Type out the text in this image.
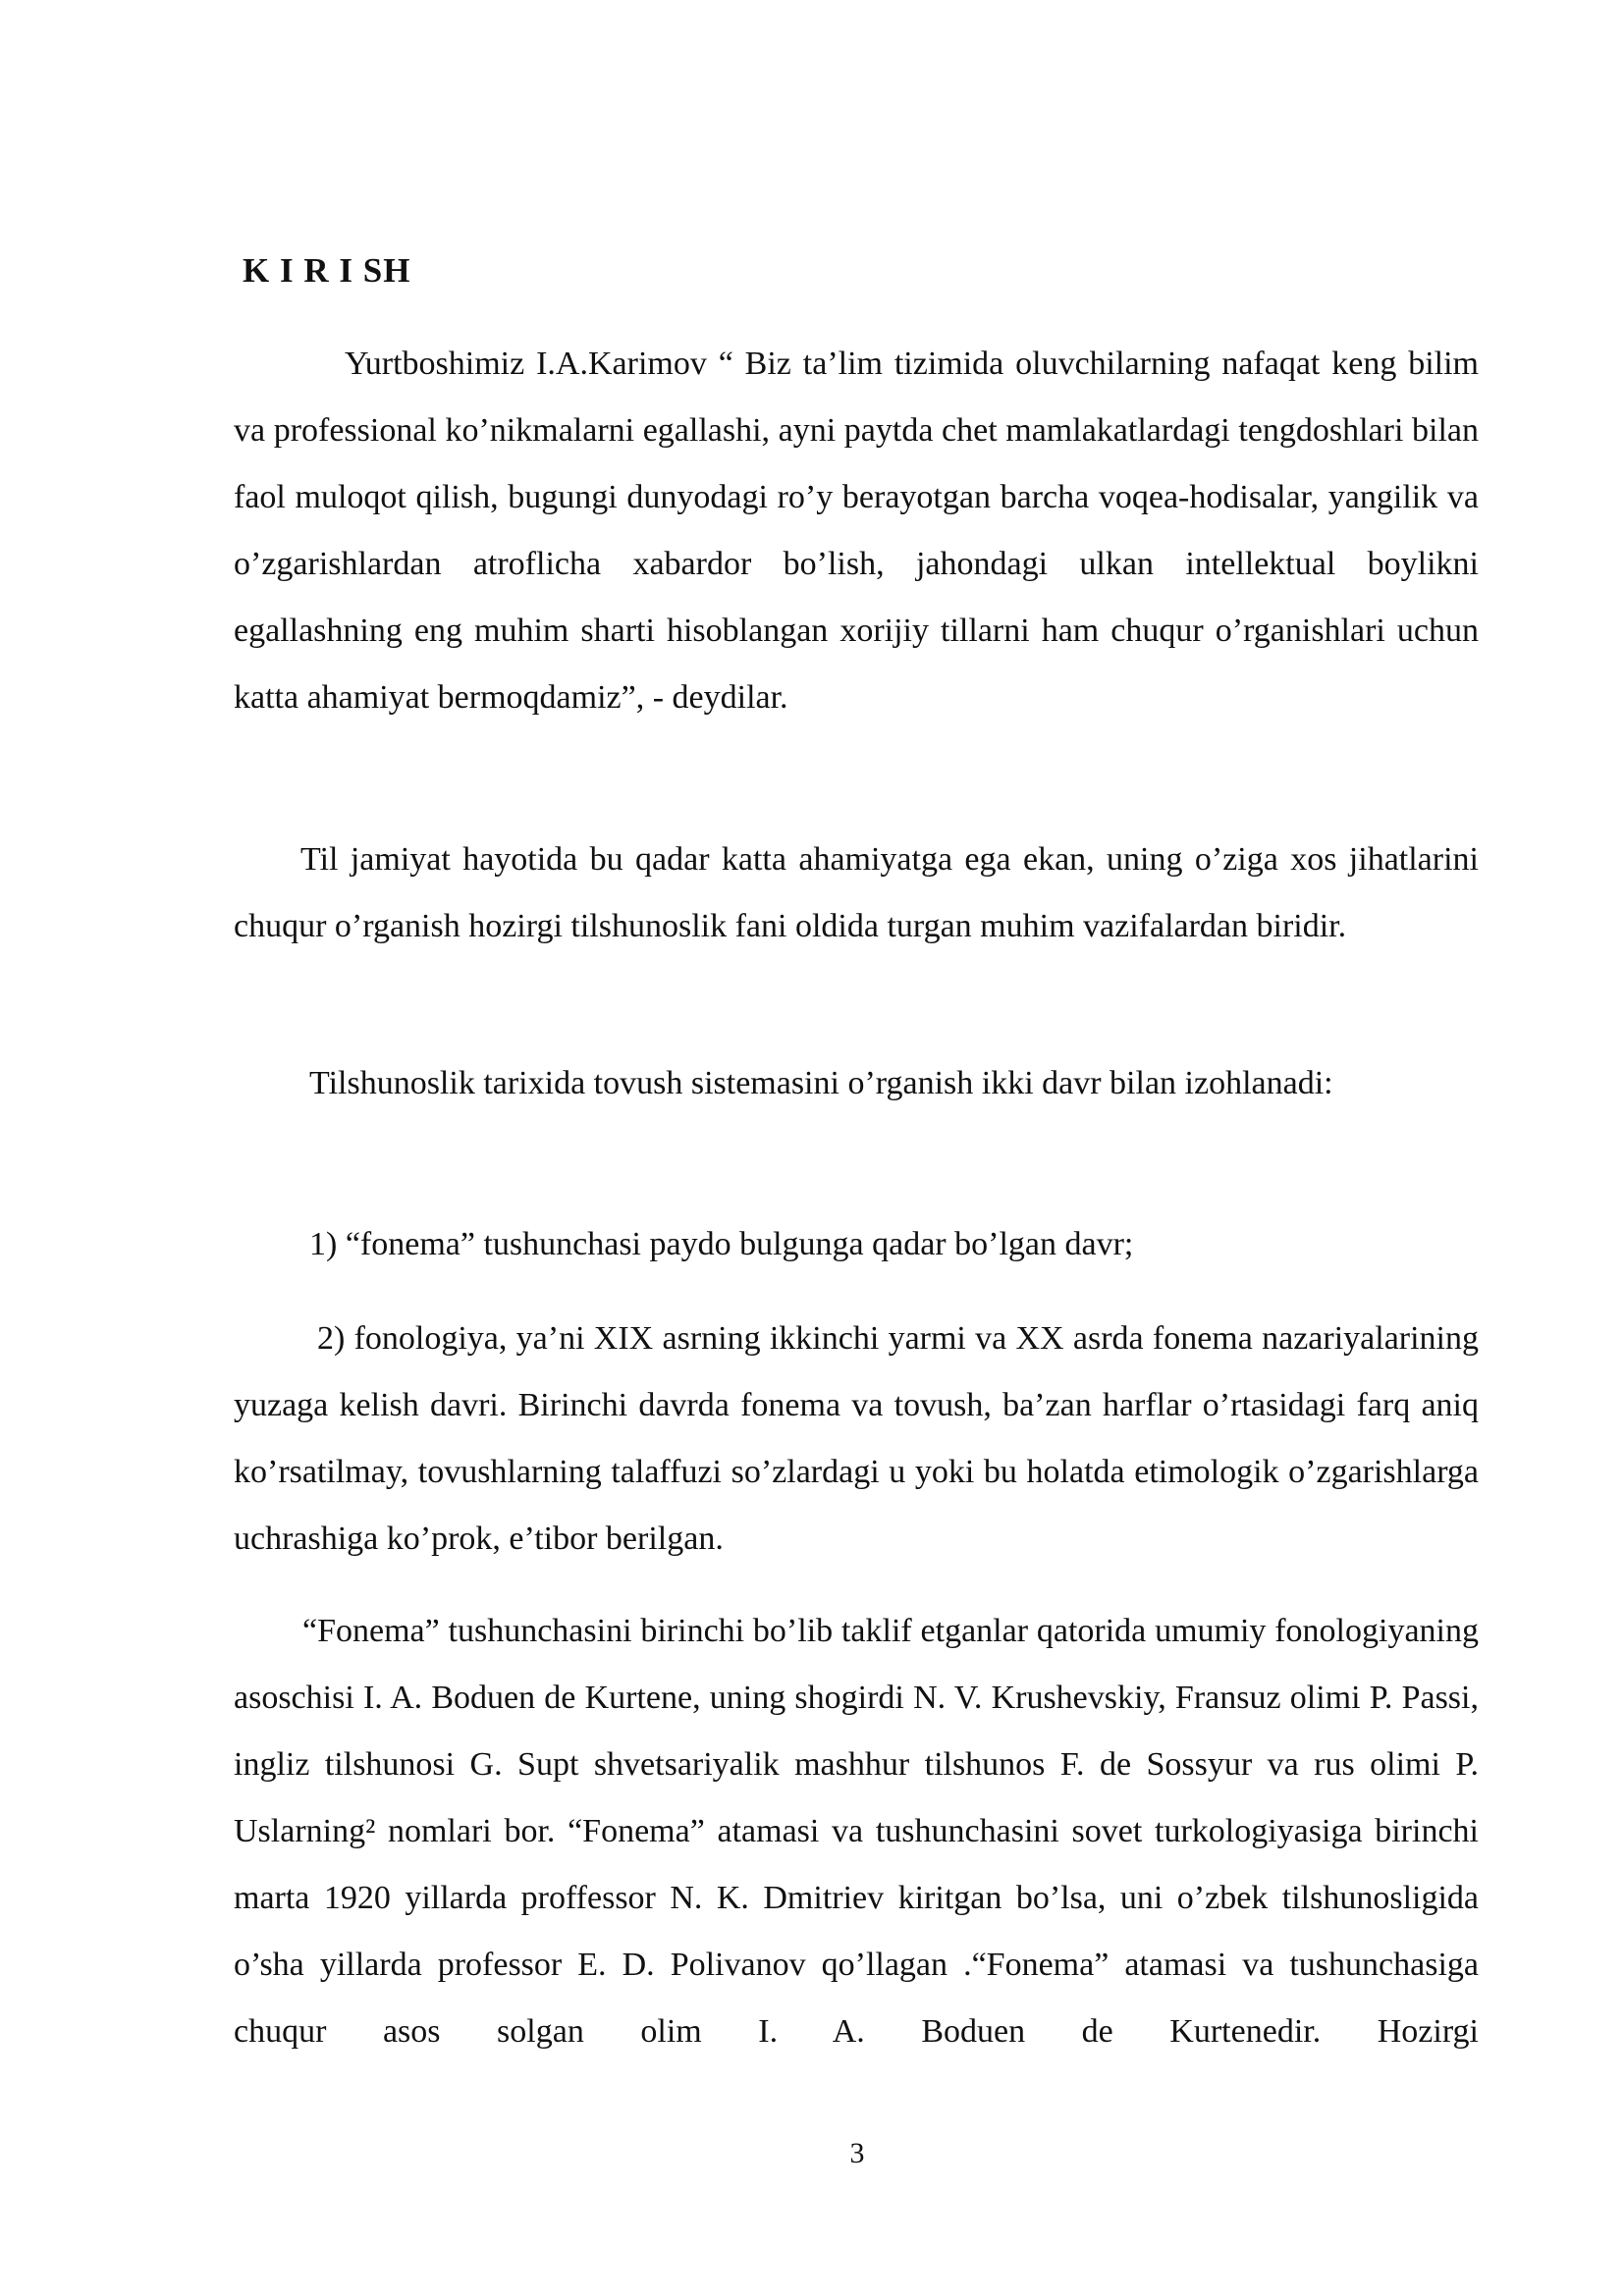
K I R I SH

Yurtboshimiz I.A.Karimov “ Biz ta’lim tizimida oluvchilarning nafaqat keng bilim va professional ko’nikmalarni egallashi, ayni paytda chet mamlakatlardagi tengdoshlari bilan faol muloqot qilish, bugungi dunyodagi ro’y berayotgan barcha voqea-hodisalar, yangilik va o’zgarishlardan atroflicha xabardor bo’lish, jahondagi ulkan intellektual boylikni egallashning eng muhim sharti hisoblangan xorijiy tillarni ham chuqur o’rganishlari uchun katta ahamiyat bermoqdamiz”, - deydilar.

Til jamiyat hayotida bu qadar katta ahamiyatga ega ekan, uning o’ziga xos jihatlarini chuqur o’rganish hozirgi tilshunoslik fani oldida turgan muhim vazifalardan biridir.

Tilshunoslik tarixida tovush sistemasini o’rganish ikki davr bilan izohlanadi:

1) “fonema” tushunchasi paydo bulgunga qadar bo’lgan davr;

2) fonologiya, ya’ni XIX asrning ikkinchi yarmi va XX asrda fonema nazariyalarining yuzaga kelish davri. Birinchi davrda fonema va tovush, ba’zan harflar o’rtasidagi farq aniq ko’rsatilmay, tovushlarning talaffuzi so’zlardagi u yoki bu holatda etimologik o’zgarishlarga uchrashiga ko’prok, e’tibor berilgan.

“Fonema” tushunchasini birinchi bo’lib taklif etganlar qatorida umumiy fonologiyaning asoschisi I. A. Boduen de Kurtene, uning shogirdi N. V. Krushevskiy, Fransuz olimi P. Passi, ingliz tilshunosi G. Supt shvetsariyalik mashhur tilshunos F. de Sossyur va rus olimi P. Uslarning² nomlari bor. “Fonema” atamasi va tushunchasini sovet turkologiyasiga birinchi marta 1920 yillarda proffessor N. K. Dmitriev kiritgan bo’lsa, uni o’zbek tilshunosligida o’sha yillarda professor E. D. Polivanov qo’llagan .“Fonema” atamasi va tushunchasiga chuqur asos solgan olim I. A. Boduen de Kurtenedir. Hozirgi

3
